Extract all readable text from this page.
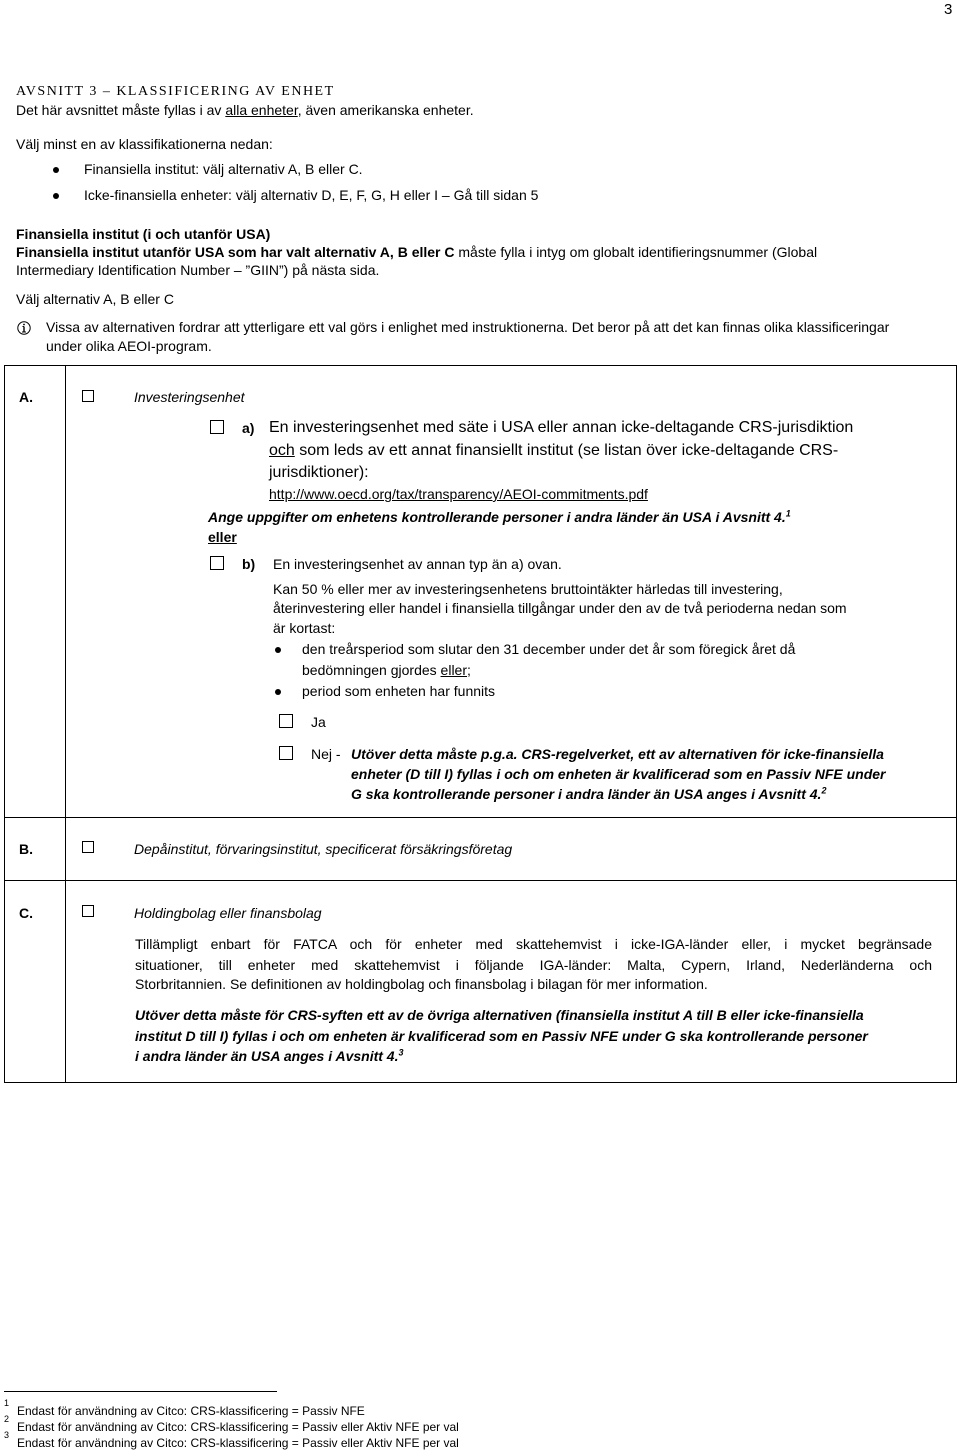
3
AVSNITT 3 – KLASSIFICERING AV ENHET
Det här avsnittet måste fyllas i av alla enheter, även amerikanska enheter.
Välj minst en av klassifikationerna nedan:
Finansiella institut: välj alternativ A, B eller C.
Icke-finansiella enheter: välj alternativ D, E, F, G, H eller I – Gå till sidan 5
Finansiella institut (i och utanför USA)
Finansiella institut utanför USA som har valt alternativ A, B eller C måste fylla i intyg om globalt identifieringsnummer (Global
Intermediary Identification Number – ”GIIN”) på nästa sida.
Välj alternativ A, B eller C
Vissa av alternativen fordrar att ytterligare ett val görs i enlighet med instruktionerna. Det beror på att det kan finnas olika klassificeringar
under olika AEOI-program.
A.	Investeringsenhet
a) En investeringsenhet med säte i USA eller annan icke-deltagande CRS-jurisdiktion
och som leds av ett annat finansiellt institut (se listan över icke-deltagande CRS-
jurisdiktioner):
http://www.oecd.org/tax/transparency/AEOI-commitments.pdf
Ange uppgifter om enhetens kontrollerande personer i andra länder än USA i Avsnitt 4.$^1$
eller
b) En investeringsenhet av annan typ än a) ovan.
Kan 50 % eller mer av investeringsenhetens bruttointäkter härledas till investering,
återinvestering eller handel i finansiella tillgångar under den av de två perioderna nedan som
är kortast:
den treårsperiod som slutar den 31 december under det år som föregick året då
bedömningen gjordes eller;
period som enheten har funnits
Ja
Nej - Utöver detta måste p.g.a. CRS-regelverket, ett av alternativen för icke-finansiella
enheter (D till I) fyllas i och om enheten är kvalificerad som en Passiv NFE under
G ska kontrollerande personer i andra länder än USA anges i Avsnitt 4.$^2$
B.	Depåinstitut, förvaringsinstitut, specificerat försäkringsföretag
C.	Holdingbolag eller finansbolag
Tillämpligt enbart för FATCA och för enheter med skattehemvist i icke-IGA-länder eller, i mycket begränsade
situationer, till enheter med skattehemvist i följande IGA-länder: Malta, Cypern, Irland, Nederländerna och
Storbritannien. Se definitionen av holdingbolag och finansbolag i bilagan för mer information.
Utöver detta måste för CRS-syften ett av de övriga alternativen (finansiella institut A till B eller icke-finansiella
institut D till I) fyllas i och om enheten är kvalificerad som en Passiv NFE under G ska kontrollerande personer
i andra länder än USA anges i Avsnitt 4.$^3$
1
Endast för användning av Citco: CRS-klassificering = Passiv NFE
2
Endast för användning av Citco: CRS-klassificering = Passiv eller Aktiv NFE per val
3
Endast för användning av Citco: CRS-klassificering = Passiv eller Aktiv NFE per val
